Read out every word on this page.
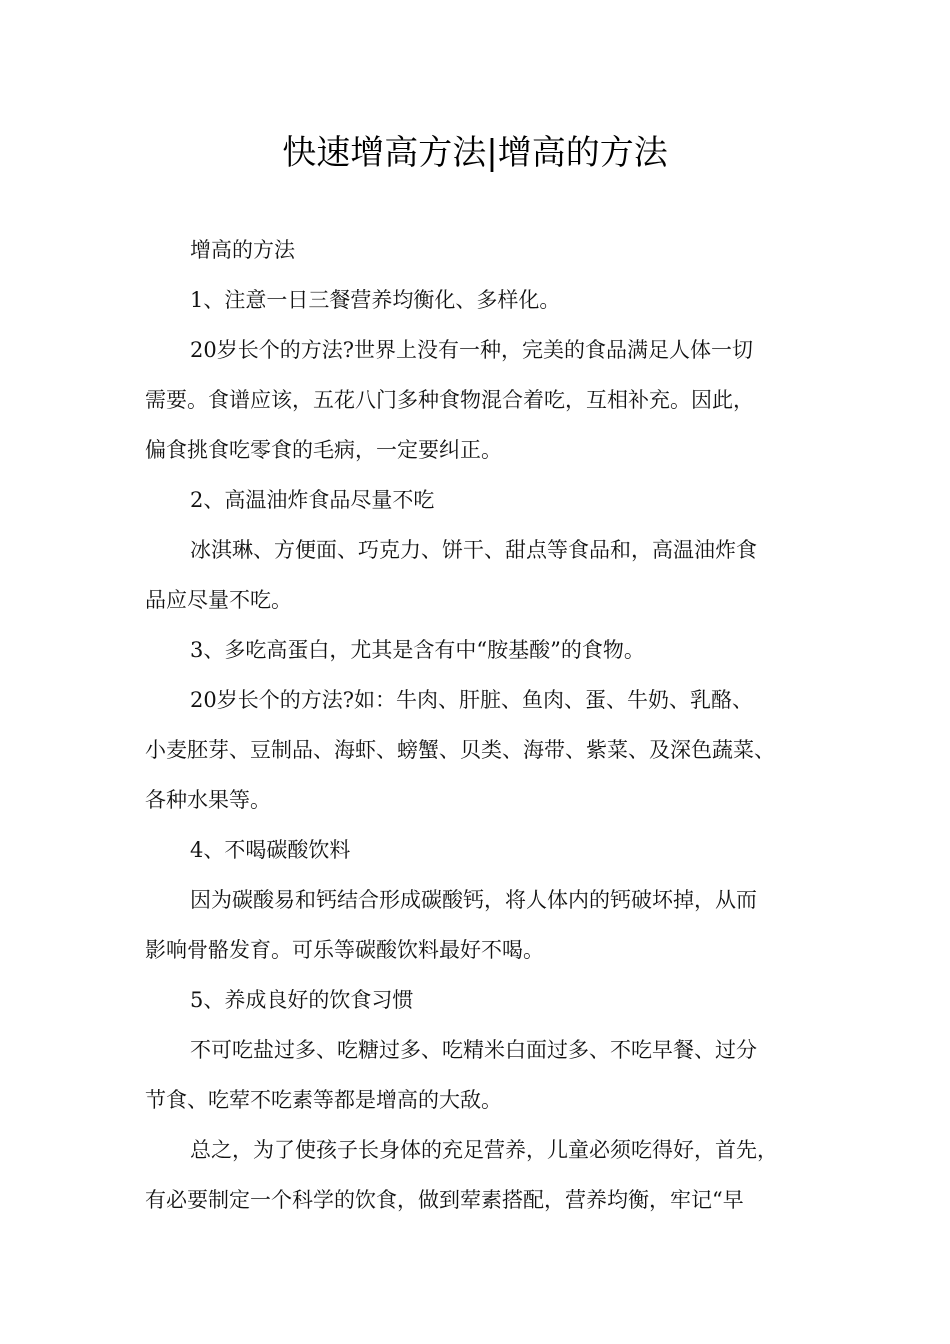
快速增高方法|增高的方法
增高的方法
1、注意一日三餐营养均衡化、多样化。
20岁长个的方法?世界上没有一种，完美的食品满足人体一切
需要。食谱应该，五花八门多种食物混合着吃，互相补充。因此，
偏食挑食吃零食的毛病，一定要纠正。
2、高温油炸食品尽量不吃
冰淇琳、方便面、巧克力、饼干、甜点等食品和，高温油炸食
品应尽量不吃。
3、多吃高蛋白，尤其是含有中“胺基酸”的食物。
20岁长个的方法?如：牛肉、肝脏、鱼肉、蛋、牛奶、乳酪、
小麦胚芽、豆制品、海虾、螃蟹、贝类、海带、紫菜、及深色蔬菜、
各种水果等。
4、不喝碳酸饮料
因为碳酸易和钙结合形成碳酸钙，将人体内的钙破坏掉，从而
影响骨骼发育。可乐等碳酸饮料最好不喝。
5、养成良好的饮食习惯
不可吃盐过多、吃糖过多、吃精米白面过多、不吃早餐、过分
节食、吃荤不吃素等都是增高的大敌。
总之，为了使孩子长身体的充足营养，儿童必须吃得好，首先，
有必要制定一个科学的饮食，做到荤素搭配，营养均衡，牢记“早
